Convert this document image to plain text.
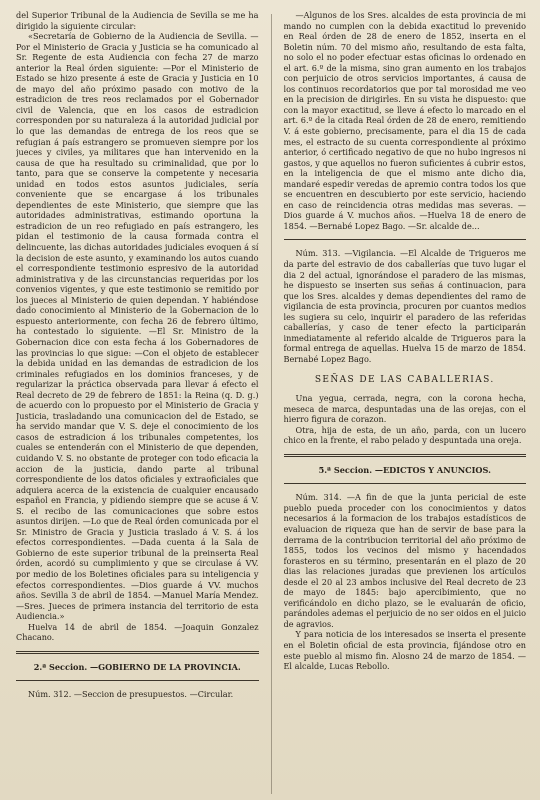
del Superior Tribunal de la Audiencia de Sevilla se me ha dirigido la siguiente circular:

«Secretaría de Gobierno de la Audiencia de Sevilla. —Por el Ministerio de Gracia y Justicia se ha comunicado al Sr. Regente de esta Audiencia con fecha 27 de marzo anterior la Real órden siguiente: —Por el Ministerio de Estado se hizo presente á este de Gracia y Justicia en 10 de mayo del año próximo pasado con motivo de la estradicion de tres reos reclamados por el Gobernador civil de Valencia, que en los casos de estradicion corresponden por su naturaleza á la autoridad judicial por lo que las demandas de entrega de los reos que se refugian á país estrangero se promueven siempre por los jueces y civiles, ya militares que han intervenido en la causa de que ha resultado su criminalidad, que por lo tanto, para que se conserve la competente y necesaria unidad en todos estos asuntos judiciales, sería conveniente que se encargase á los tribunales dependientes de este Ministerio, que siempre que las autoridades administrativas, estimando oportuna la estradicion de un reo refugiado en país estrangero, les pidan el testimonio de la causa formada contra el delincuente, las dichas autoridades judiciales evoquen á sí la decision de este asunto, y examinando los autos cuando el correspondiente testimonio espresivo de la autoridad administrativa y de las circunstancias requeridas por los convenios vigentes, y que este testimonio se remitido por los jueces al Ministerio de quien dependan. Y habiéndose dado conocimiento al Ministerio de la Gobernacion de lo espuesto anteriormente, con fecha 26 de febrero último, ha contestado lo siguiente. —El Sr. Ministro de la Gobernacion dice con esta fecha á los Gobernadores de las provincias lo que sigue: —Con el objeto de establecer la debida unidad en las demandas de estradicion de los criminales refugiados en los dominios franceses, y de regularizar la práctica observada para llevar á efecto el Real decreto de 29 de febrero de 1851: la Reina (q. D. g.) de acuerdo con lo propuesto por el Ministerio de Gracia y Justicia, trasladando una comunicacion del de Estado, se ha servido mandar que V. S. deje el conocimiento de los casos de estradicion á los tribunales competentes, los cuales se entenderán con el Ministerio de que dependen, cuidando V. S. no obstante de proteger con todo eficacia la accion de la justicia, dando parte al tribunal correspondiente de los datos oficiales y extraoficiales que adquiera acerca de la existencia de cualquier encausado español en Francia, y pidiendo siempre que se acuse á V. S. el recibo de las comunicaciones que sobre estos asuntos dirijen. —Lo que de Real órden comunicada por el Sr. Ministro de Gracia y Justicia traslado á V. S. á los efectos correspondientes. —Dada cuenta á la Sala de Gobierno de este superior tribunal de la preinserta Real órden, acordó su cumplimiento y que se circulase á VV. por medio de los Boletines oficiales para su inteligencia y efectos correspondientes. —Dios guarde á VV. muchos años. Sevilla 3 de abril de 1854. —Manuel María Mendez. —Sres. Jueces de primera instancia del territorio de esta Audiencia.»

Huelva 14 de abril de 1854. —Joaquin Gonzalez Chacano.

2.ª Seccion. —GOBIERNO DE LA PROVINCIA.

Núm. 312. —Seccion de presupuestos. —Circular.

—Algunos de los Sres. alcaldes de esta provincia de mi mando no cumplen con la debida exactitud lo prevenido en Real órden de 28 de enero de 1852, inserta en el Boletin núm. 70 del mismo año, resultando de esta falta, no solo el no poder efectuar estas oficinas lo ordenado en el art. 6.º de la misma, sino gran aumento en los trabajos con perjuicio de otros servicios importantes, á causa de los continuos recordatorios que por tal morosidad me veo en la precision de dirigirles. En su vista he dispuesto: que con la mayor exactitud, se lleve á efecto lo marcado en el art. 6.º de la citada Real órden de 28 de enero, remitiendo V. á este gobierno, precisamente, para el dia 15 de cada mes, el estracto de su cuenta correspondiente al próximo anterior, ó certificado negativo de que no hubo ingresos ni gastos, y que aquellos no fueron suficientes á cubrir estos, en la inteligencia de que el mismo ante dicho dia, mandaré espedir veredas de apremio contra todos los que se encuentren en descubierto por este servicio, haciendo en caso de reincidencia otras medidas mas severas. —Dios guarde á V. muchos años. —Huelva 18 de enero de 1854. —Bernabé Lopez Bago. —Sr. alcalde de...

Núm. 313. —Vigilancia. —El Alcalde de Trigueros me da parte del estravio de dos caballerías que tuvo lugar el dia 2 del actual, ignorándose el paradero de las mismas, he dispuesto se inserten sus señas á continuacion, para que los Sres. alcaldes y demas dependientes del ramo de vigilancia de esta provincia, procuren por cuantos medios les sugiera su celo, inquirir el paradero de las referidas caballerías, y caso de tener efecto la participarán inmediatamente al referido alcalde de Trigueros para la formal entrega de aquellas. Huelva 15 de marzo de 1854. Bernabé Lopez Bago.

SEÑAS DE LAS CABALLERIAS.

Una yegua, cerrada, negra, con la corona hecha, meseca de marca, despuntadas una de las orejas, con el hierro figura de corazon.

Otra, hija de esta, de un año, parda, con un lucero chico en la frente, el rabo pelado y despuntada una oreja.

5.ª Seccion. —EDICTOS Y ANUNCIOS.

Núm. 314. —A fin de que la junta pericial de este pueblo pueda proceder con los conocimientos y datos necesarios á la formacion de los trabajos estadísticos de evaluacion de riqueza que han de servir de base para la derrama de la contribucion territorial del año próximo de 1855, todos los vecinos del mismo y hacendados forasteros en su término, presentarán en el plazo de 20 dias las relaciones juradas que previenen los artículos desde el 20 al 23 ambos inclusive del Real decreto de 23 de mayo de 1845: bajo apercibimiento, que no verificándolo en dicho plazo, se le evaluarán de oficio, parándoles ademas el perjuicio de no ser oidos en el juicio de agravios.

Y para noticia de los interesados se inserta el presente en el Boletin oficial de esta provincia, fijándose otro en este pueblo al mismo fin. Alosno 24 de marzo de 1854. —El alcalde, Lucas Rebollo.
